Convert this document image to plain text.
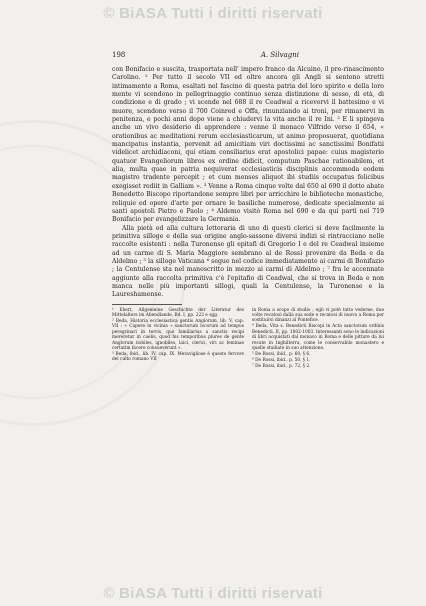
© BiASA Tutti i diritti riservati
198	A. Silvagni

con Bonifacio e suscita, trasportata nell' impero franco da Alcuino, il pre-rinascimento Carolino. ² Per tutto il secolo VII ed oltre ancora gli Angli si sentono stretti intimamente a Roma, esaltati nel fascino di questa patria del loro spirito e della loro mente vi scendono in pellegrinaggio continuo senza distinzione di sesso, di età, di condizione e di grado ; vi scende nel 688 il re Ceadwal a ricevervi il battesimo e vi muore, scendono verso il 700 Coinred e Offa, rinunziando ai troni, per rimanervi in penitenza, e pochi anni dopo viene a chiudervi la vita anche il re Ini. ² E li spingeva anche un vivo desiderio di apprendere : venne il monaco Vilfrido verso il 654, « orationibus ac meditationi rerum ecclesiasticarum, ut animo proposuerat, quotidiana mancipatus instantia, pervenit ad amicitiam viri doctissimi ac sanctissimi Bonifatii videlicet archidiaconi, qui etiam consiliarius erat apostolici papae: cuius magisterio quatuor Evangeliorum libros ex ordine didicit, computum Paschae rationabilem, et alia, multa quae in patria nequiverat ecclesiasticis disciplinis accommoda eodem magistro tradente percepit ; et cum menses aliquot ibi studiis occupatus felicibus exegisset rediit in Galliam ». ³ Venne a Roma cinque volte dal 650 al 690 il dotto abate Benedetto Biscopo riportandone sempre libri per arricchire le biblioteche monastiche, reliquie ed opere d'arte per ornare le basiliche numerose, dedicate specialmente ai santi apostoli Pietro e Paolo ; ⁴ Aldemo visitò Roma nel 690 e da qui partì nel 719 Bonifacio per evangelizzare la Germania.

Alla pietà ed alla cultura letteraria di uno di questi clerici si deve facilmente la primitiva silloge e della sua origine anglo-sassone diversi indizi si rintracciano nelle raccolte esistenti : nella Turonense gli epitafi di Gregorio I e del re Ceadwal insieme ad un carme di S. Maria Maggiore sembrano al de Rossi provenire da Beda e da Aldelmo ; ⁵ la silloge Vaticana ⁶ segue nel codice immediatamente ai carmi di Bonifazio ; la Centulense sta nel manoscritto in mezzo ai carmi di Aldelmo ; ⁷ fra le accennate aggiunte alla raccolta primitiva c'è l'epitafio di Ceadwal, che si trova in Beda e non manca nelle più importanti sillogi, quali la Centulense, la Turonense e la Laureshamense.

¹ Ebert, Allgemeine Geschichte der Literatur des Mittelalters im Abendlande, Bd. I, pp. 222 e sgg.

² Beda, Historia ecclesiastica gentis Anglorum, lib. V, cap. VII : « Capere in vicinia » sanctorum locorum ad tempus peregrinari in terris, quo familiarius a sanctis recipi mereretur in caelis, quod his temporibus plures de gente Anglorum nobiles, ignobiles, laici, clerici, viri ac feminae certatim facere consueverunt ».

³ Beda, ibid., lib. IV, cap. IX. Meravigliose è questo fervore del culto romano VII

in Roma a scopo di studio ; egli vi poté tutto vederne, due volte recatosi dalla sua sede e recatosi di nuovo a Roma per sostituirsi dinanzi al Pontefice.

⁴ Beda, Vita s. Benedicti Biscopi in Acta sanctorum ordinis Benedicti, II, pp. 1002-1003. Interessanti sono le indicazioni di libri acquistati dal monaco in Roma e delle pitture da lui recate in Inghilterra, come le conservabile monastero e quelle studiate in suo attenzione.

⁵ De Rossi, ibid., p. 60, § 6.

⁶ De Rossi, ibid., p. 50, § 1.

⁷ De Rossi, ibid., p. 72, § 2.

© BiASA Tutti i diritti riservati
